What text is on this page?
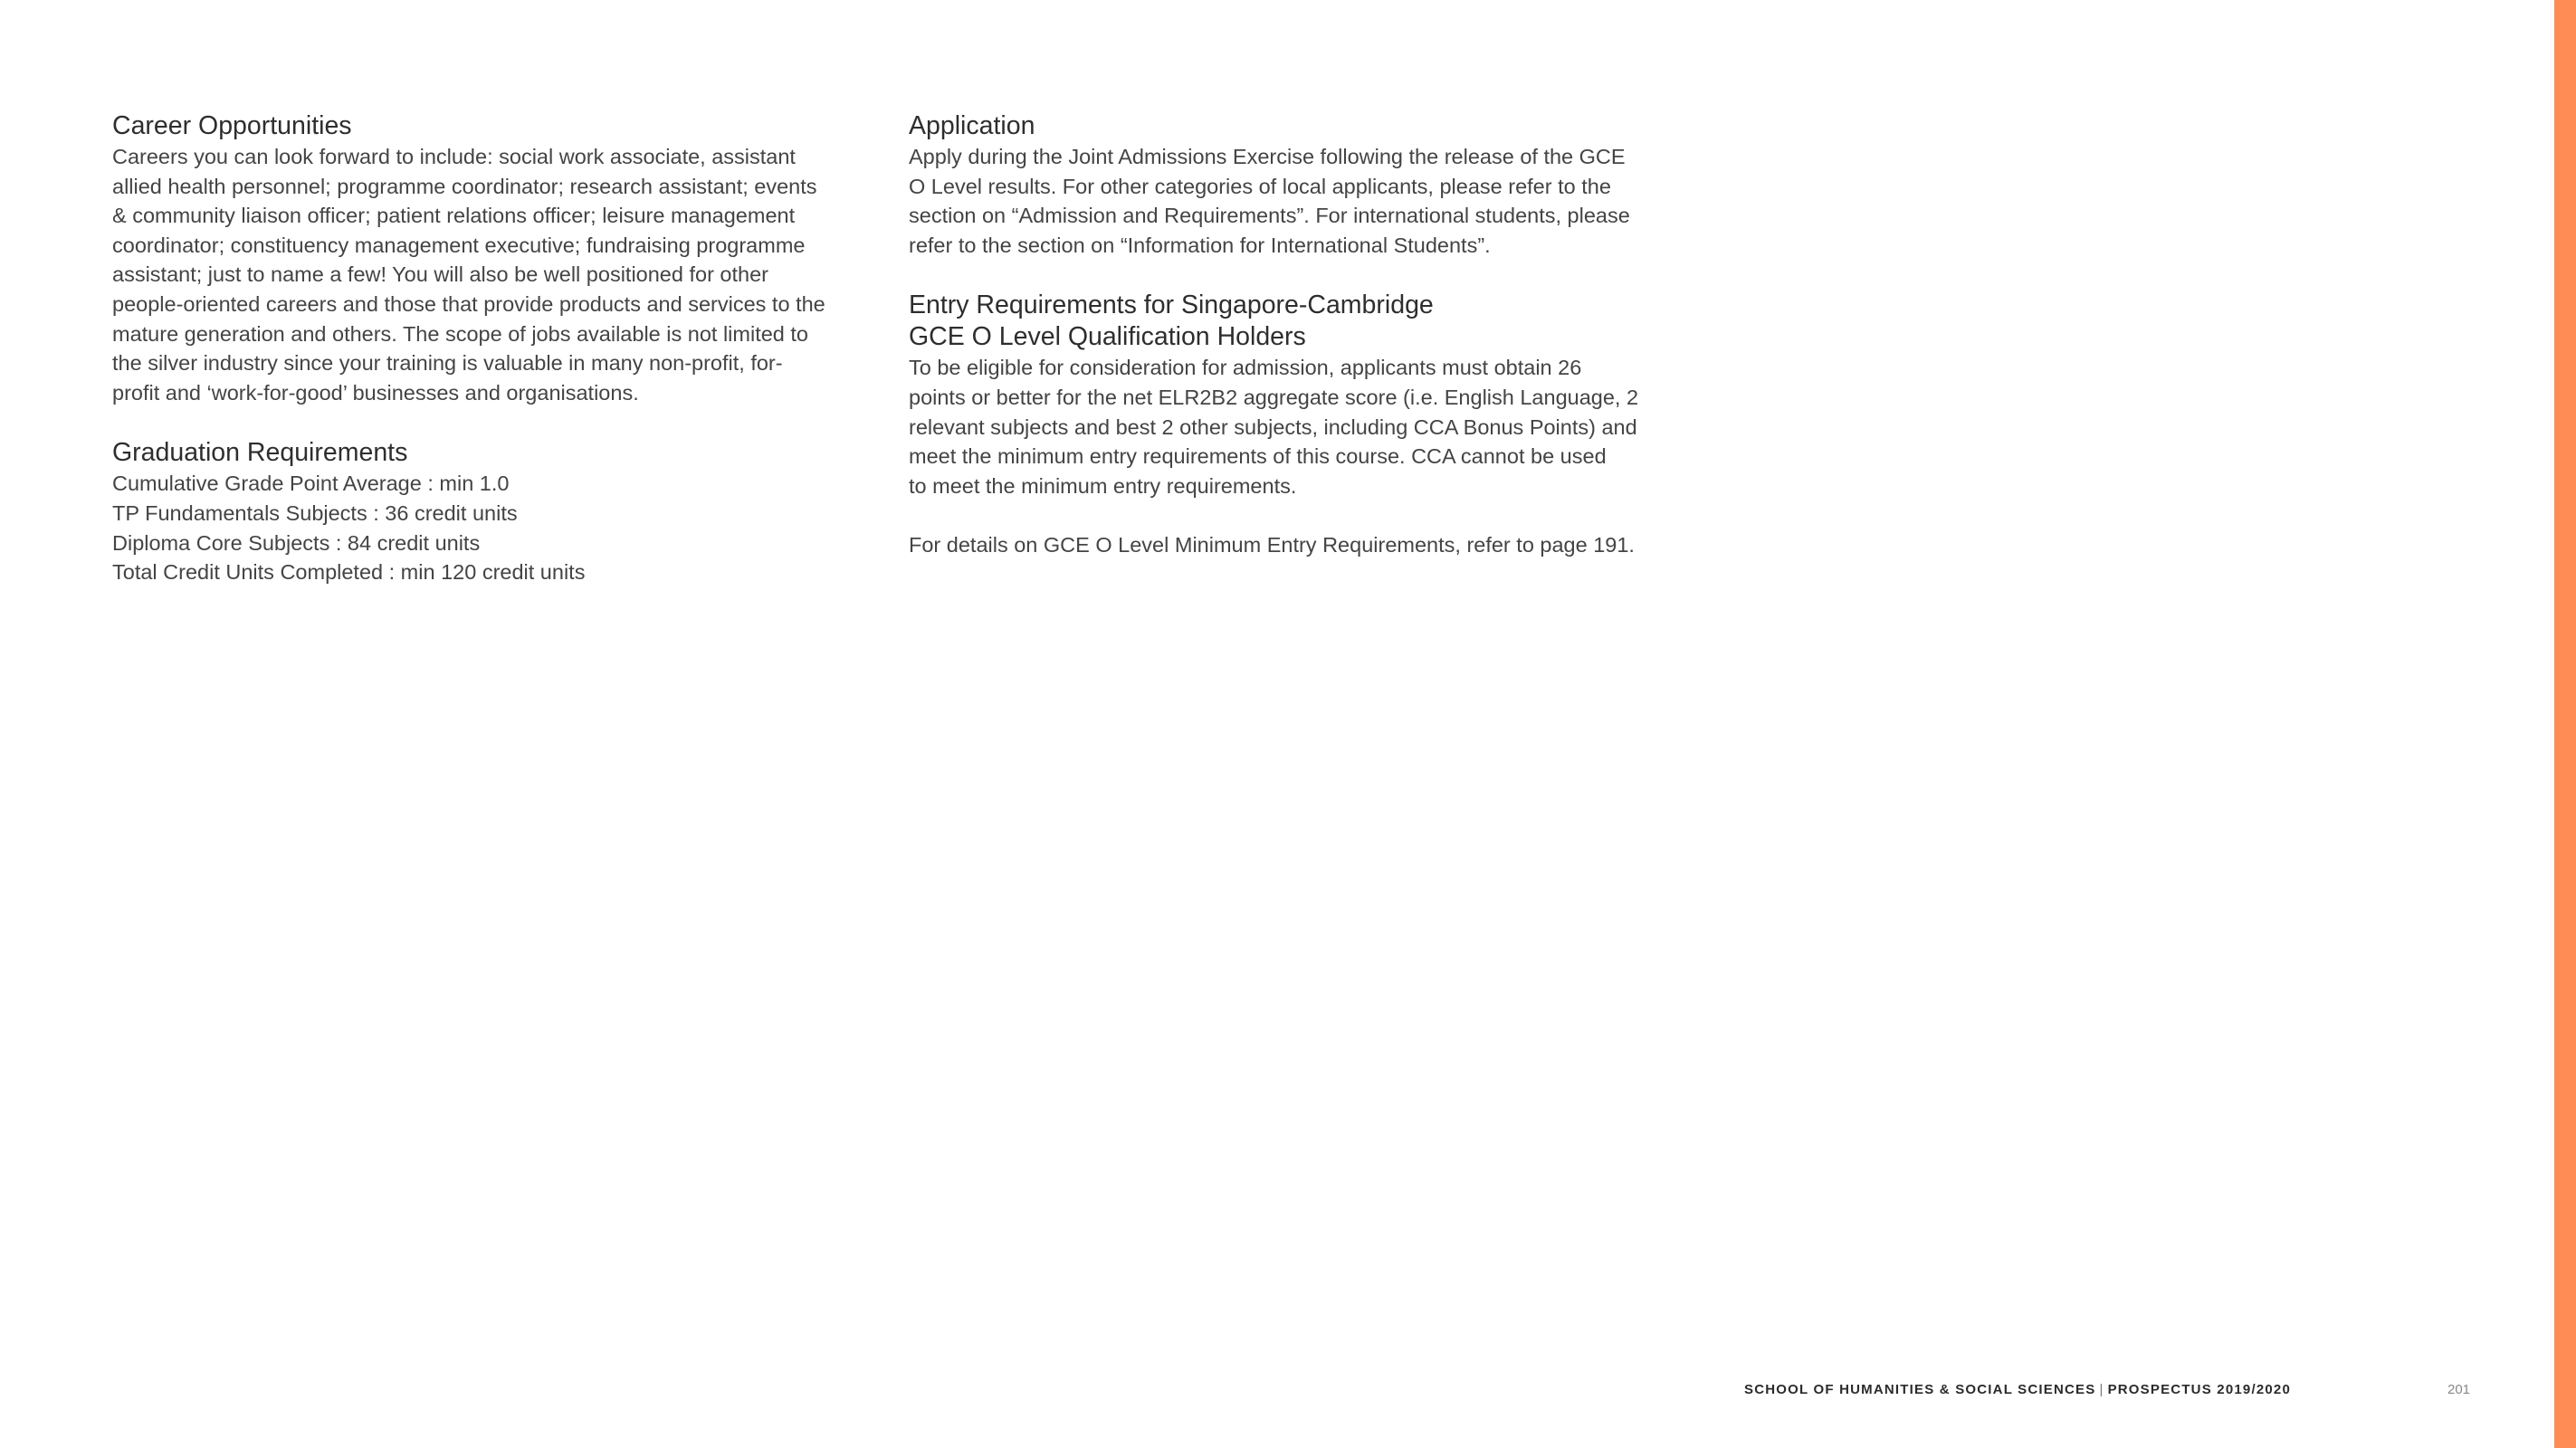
Career Opportunities

Careers you can look forward to include: social work associate, assistant
allied health personnel; programme coordinator; research assistant; events
& community liaison officer; patient relations officer; leisure management
coordinator; constituency management executive; fundraising programme
assistant; just to name a few! You will also be well positioned for other
people-oriented careers and those that provide products and services to the
mature generation and others. The scope of jobs available is not limited to
the silver industry since your training is valuable in many non-profit, for-
profit and ‘work-for-good’ businesses and organisations.

Graduation Requirements

Cumulative Grade Point Average : min 1.0
TP Fundamentals Subjects : 36 credit units
Diploma Core Subjects : 84 credit units
Total Credit Units Completed : min 120 credit units

Application

Apply during the Joint Admissions Exercise following the release of the GCE
O Level results. For other categories of local applicants, please refer to the
section on “Admission and Requirements”. For international students, please
refer to the section on “Information for International Students”.

Entry Requirements for Singapore-Cambridge
GCE O Level Qualification Holders

To be eligible for consideration for admission, applicants must obtain 26
points or better for the net ELR2B2 aggregate score (i.e. English Language, 2
relevant subjects and best 2 other subjects, including CCA Bonus Points) and
meet the minimum entry requirements of this course. CCA cannot be used
to meet the minimum entry requirements.

For details on GCE O Level Minimum Entry Requirements, refer to page 191.

SCHOOL OF HUMANITIES & SOCIAL SCIENCES | PROSPECTUS 2019/2020	201
